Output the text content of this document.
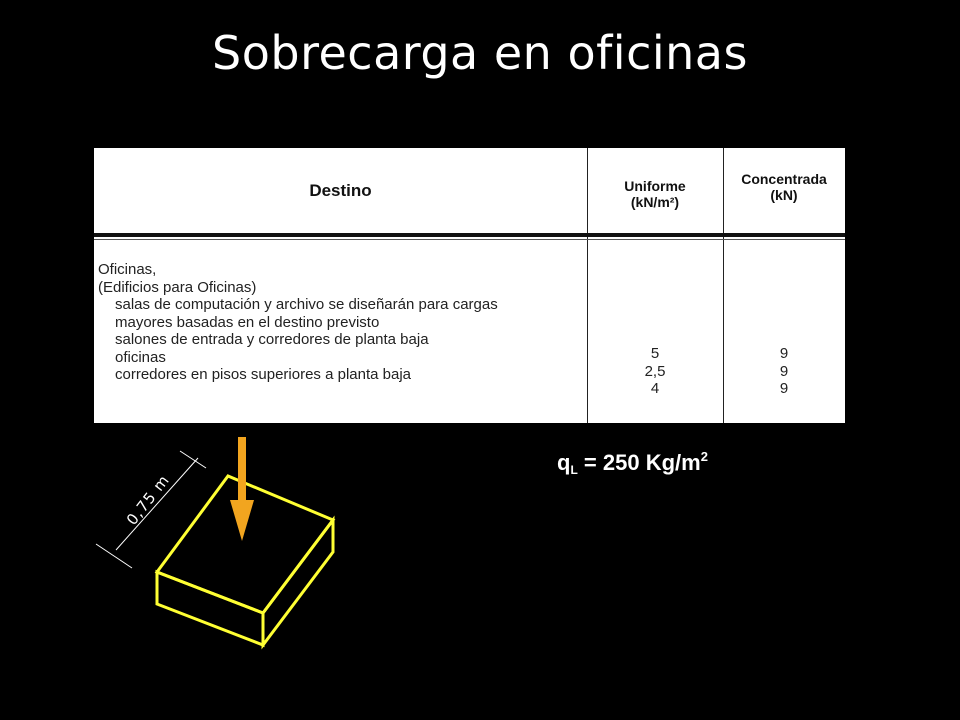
Sobrecarga en oficinas
Destino	Uniforme
(kN/m²)
Concentrada
(kN)
Oficinas,
(Edificios para Oficinas)
salas de computación y archivo se diseñarán para cargas
mayores basadas en el destino previsto
salones de entrada y corredores de planta baja
oficinas
corredores en pisos superiores a planta baja
5
2,5
4
9
9
9
$q_L = 250$ $Kg/m^2$
0,75 m
